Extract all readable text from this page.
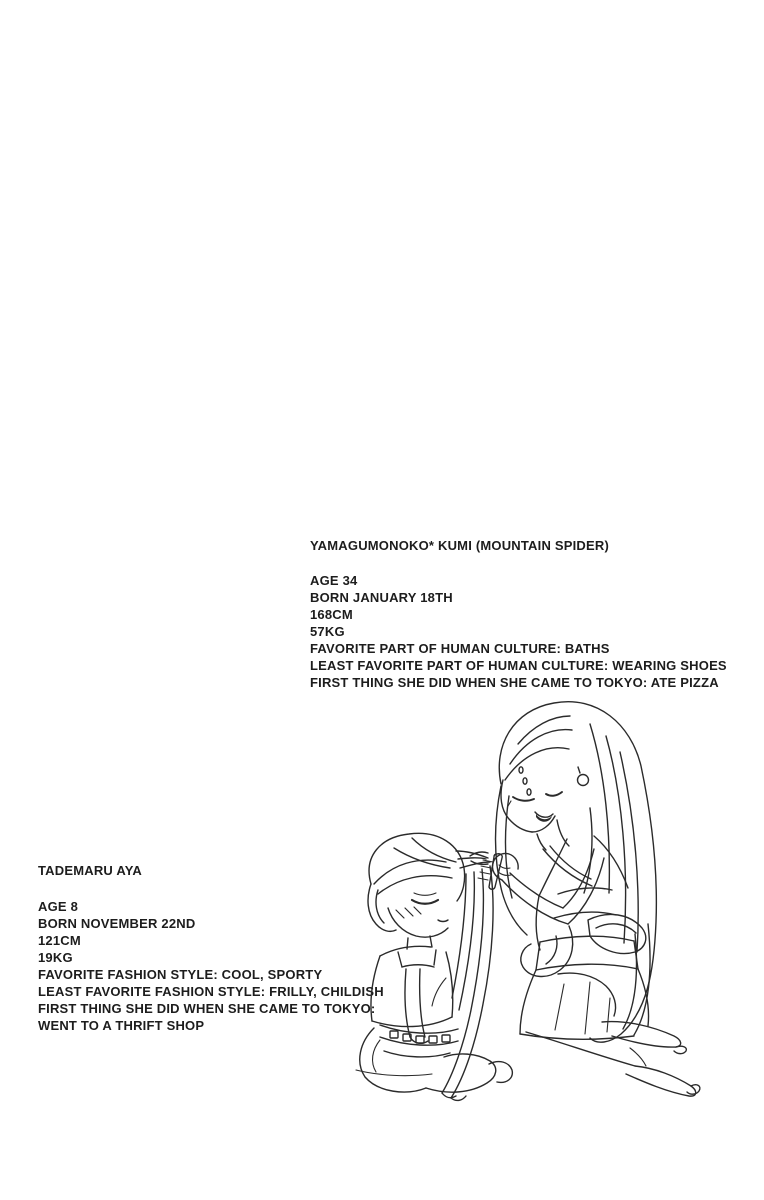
YAMAGUMONOKO* KUMI (MOUNTAIN SPIDER)
AGE 34
BORN JANUARY 18TH
168CM
57KG
FAVORITE PART OF HUMAN CULTURE: BATHS
LEAST FAVORITE PART OF HUMAN CULTURE: WEARING SHOES
FIRST THING SHE DID WHEN SHE CAME TO TOKYO: ATE PIZZA
TADEMARU AYA
AGE 8
BORN NOVEMBER 22ND
121CM
19KG
FAVORITE FASHION STYLE: COOL, SPORTY
LEAST FAVORITE FASHION STYLE: FRILLY, CHILDISH
FIRST THING SHE DID WHEN SHE CAME TO TOKYO:
WENT TO A THRIFT SHOP
